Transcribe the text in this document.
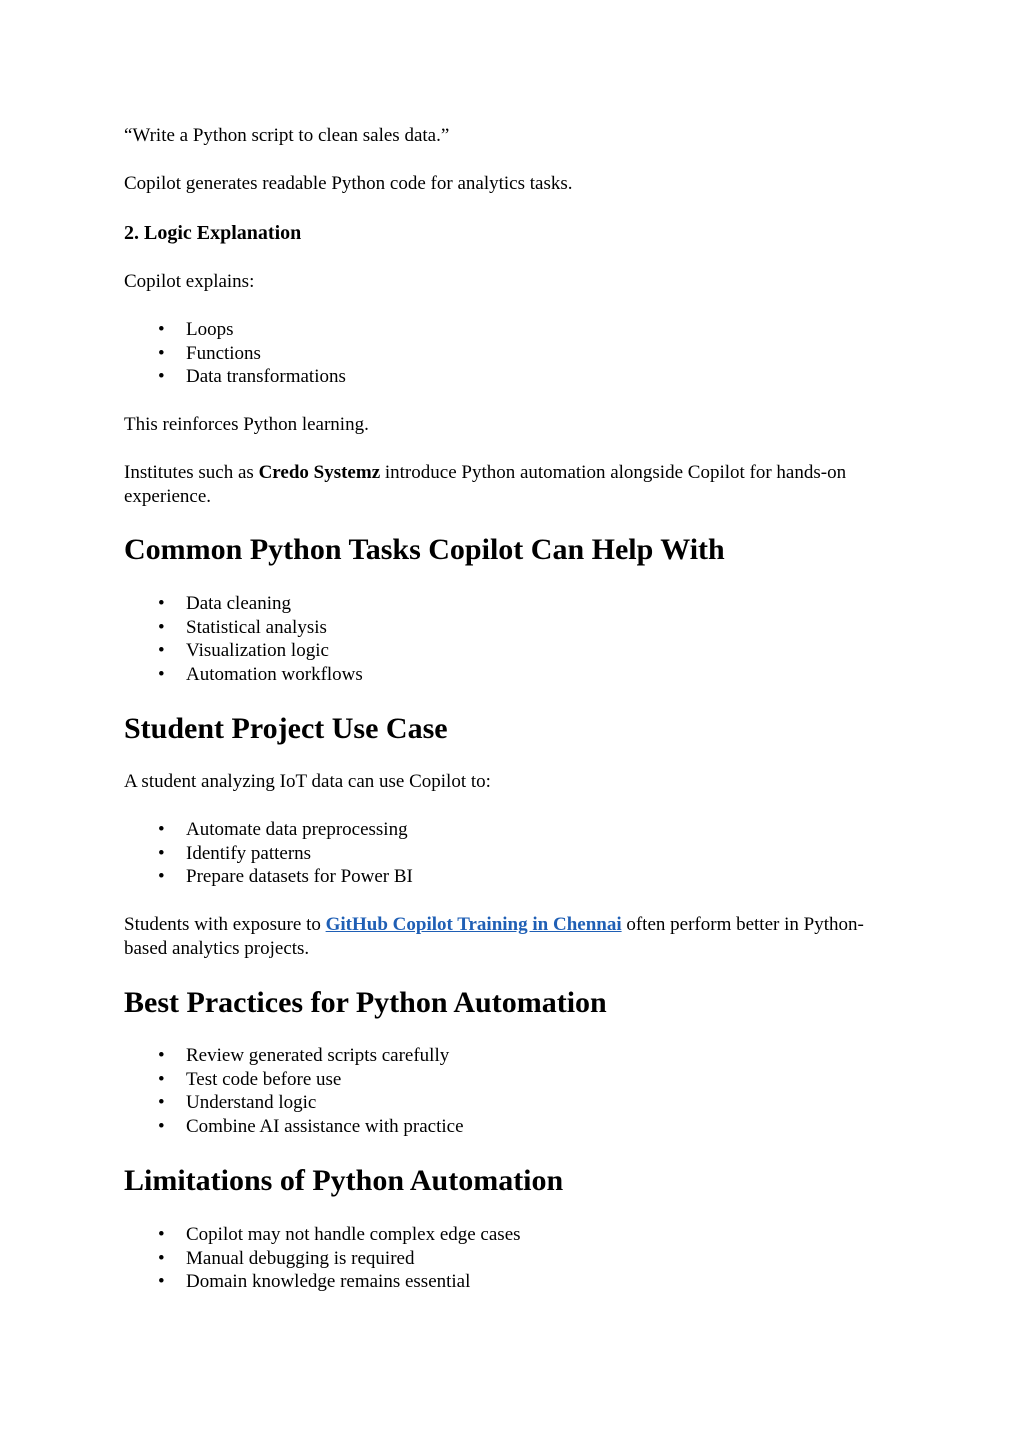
“Write a Python script to clean sales data.”

Copilot generates readable Python code for analytics tasks.

2. Logic Explanation

Copilot explains:

• Loops
• Functions
• Data transformations

This reinforces Python learning.

Institutes such as Credo Systemz introduce Python automation alongside Copilot for hands-on experience.

Common Python Tasks Copilot Can Help With
• Data cleaning
• Statistical analysis
• Visualization logic
• Automation workflows
Student Project Use Case

A student analyzing IoT data can use Copilot to:

• Automate data preprocessing
• Identify patterns
• Prepare datasets for Power BI

Students with exposure to GitHub Copilot Training in Chennai often perform better in Python-based analytics projects.

Best Practices for Python Automation
• Review generated scripts carefully
• Test code before use
• Understand logic
• Combine AI assistance with practice
Limitations of Python Automation
• Copilot may not handle complex edge cases
• Manual debugging is required
• Domain knowledge remains essential
